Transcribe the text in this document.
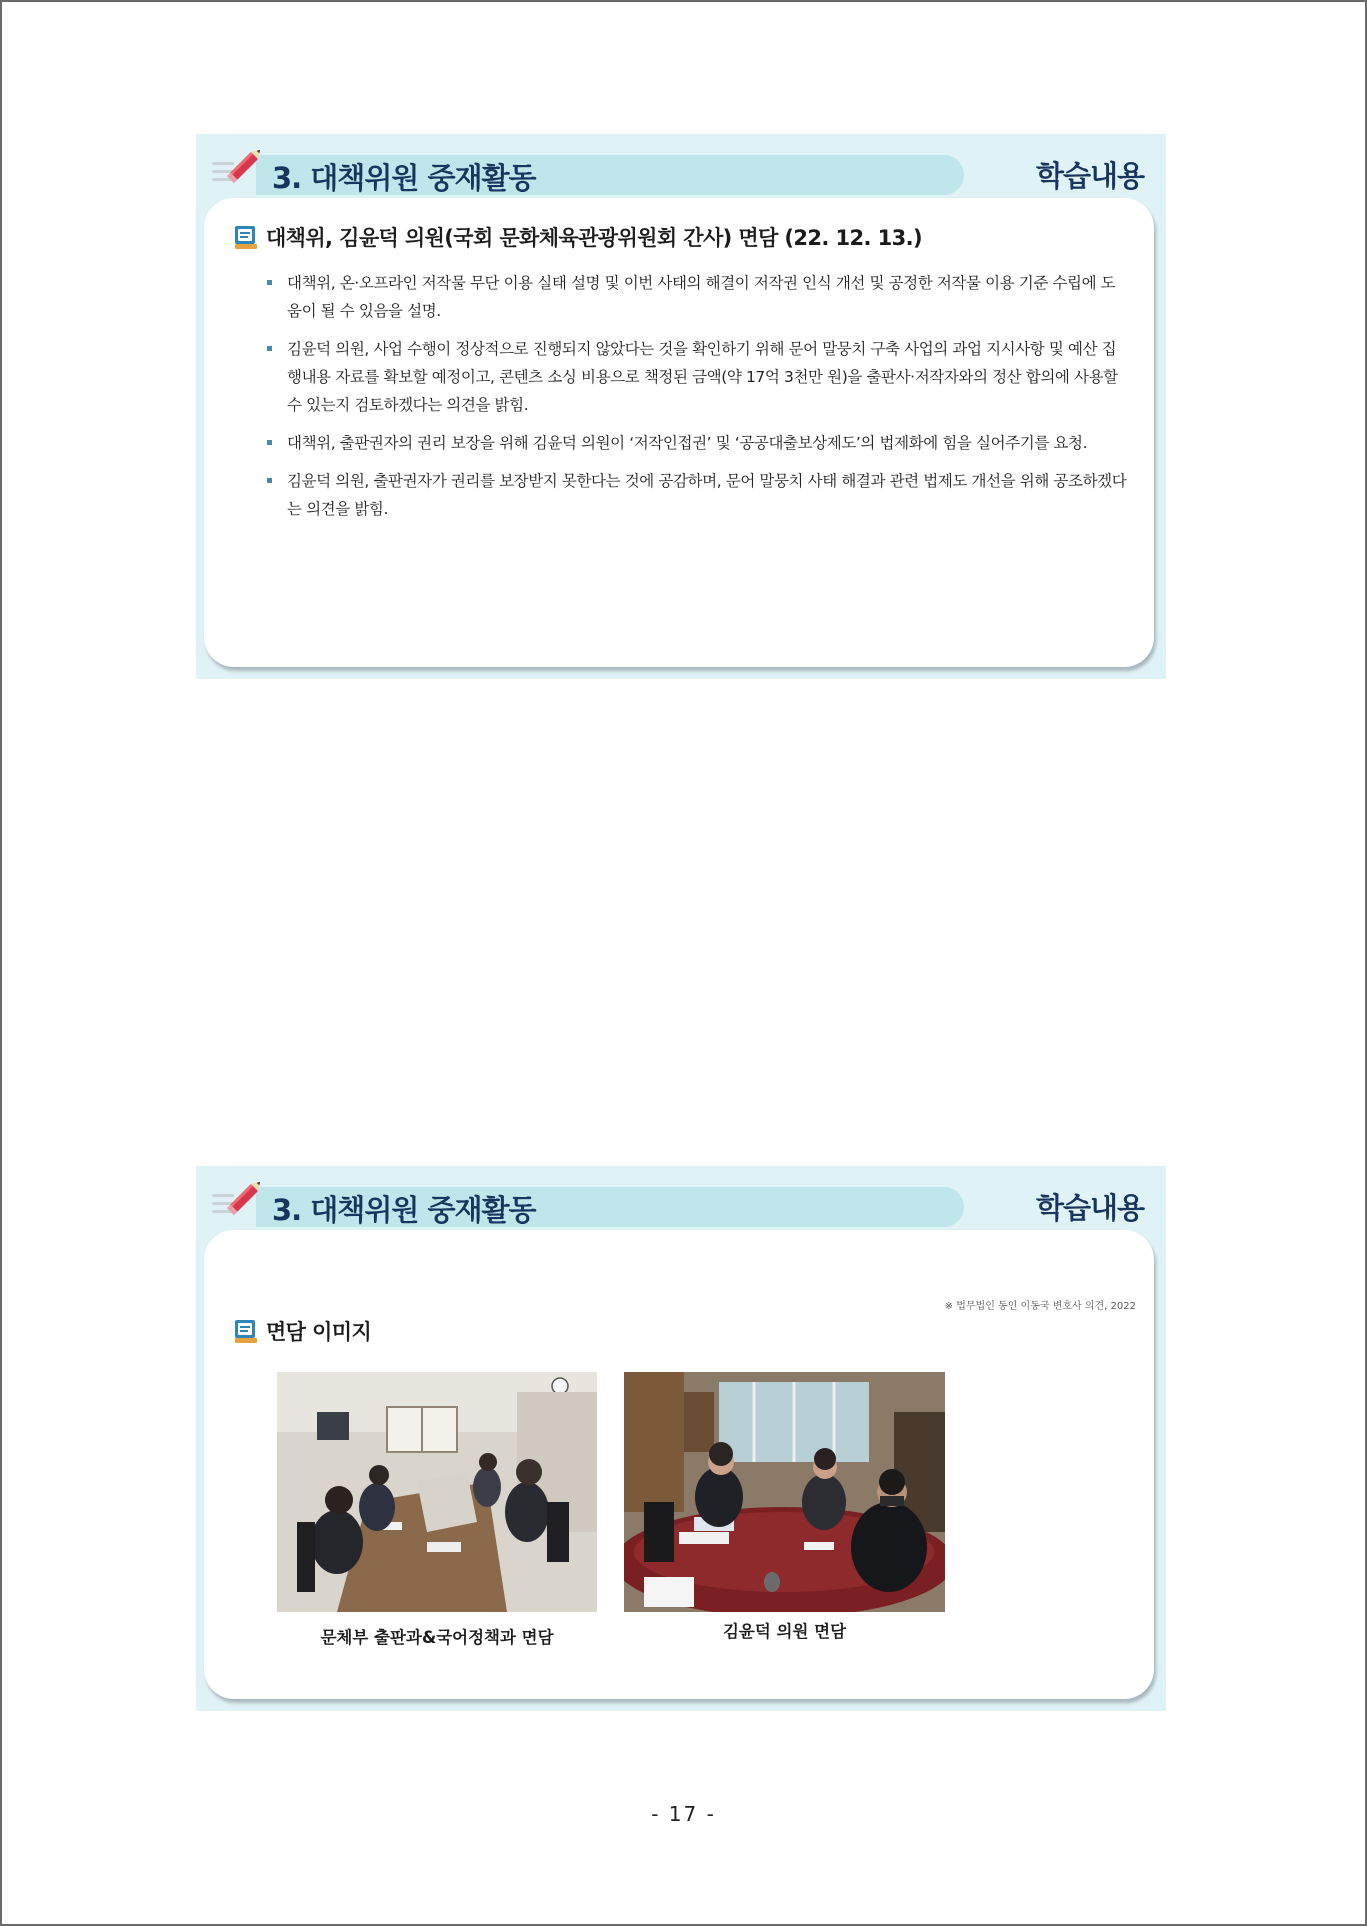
3. 대책위원 중재활동	학습내용
대책위, 김윤덕 의원(국회 문화체육관광위원회 간사) 면담 (22. 12. 13.)
대책위, 온·오프라인 저작물 무단 이용 실태 설명 및 이번 사태의 해결이 저작권 인식 개선 및 공정한 저작물 이용 기준 수립에 도움이 될 수 있음을 설명.
김윤덕 의원, 사업 수행이 정상적으로 진행되지 않았다는 것을 확인하기 위해 문어 말뭉치 구축 사업의 과업 지시사항 및 예산 집행내용 자료를 확보할 예정이고, 콘텐츠 소싱 비용으로 책정된 금액(약 17억 3천만 원)을 출판사·저작자와의 정산 합의에 사용할 수 있는지 검토하겠다는 의견을 밝힘.
대책위, 출판권자의 권리 보장을 위해 김윤덕 의원이 ‘저작인접권’ 및 ‘공공대출보상제도’의 법제화에 힘을 실어주기를 요청.
김윤덕 의원, 출판권자가 권리를 보장받지 못한다는 것에 공감하며, 문어 말뭉치 사태 해결과 관련 법제도 개선을 위해 공조하겠다는 의견을 밝힘.
3. 대책위원 중재활동	학습내용
※ 법무법인 동인 이동국 변호사 의견, 2022
면담 이미지
문체부 출판과&국어정책과 면담	김윤덕 의원 면담
- 17 -
